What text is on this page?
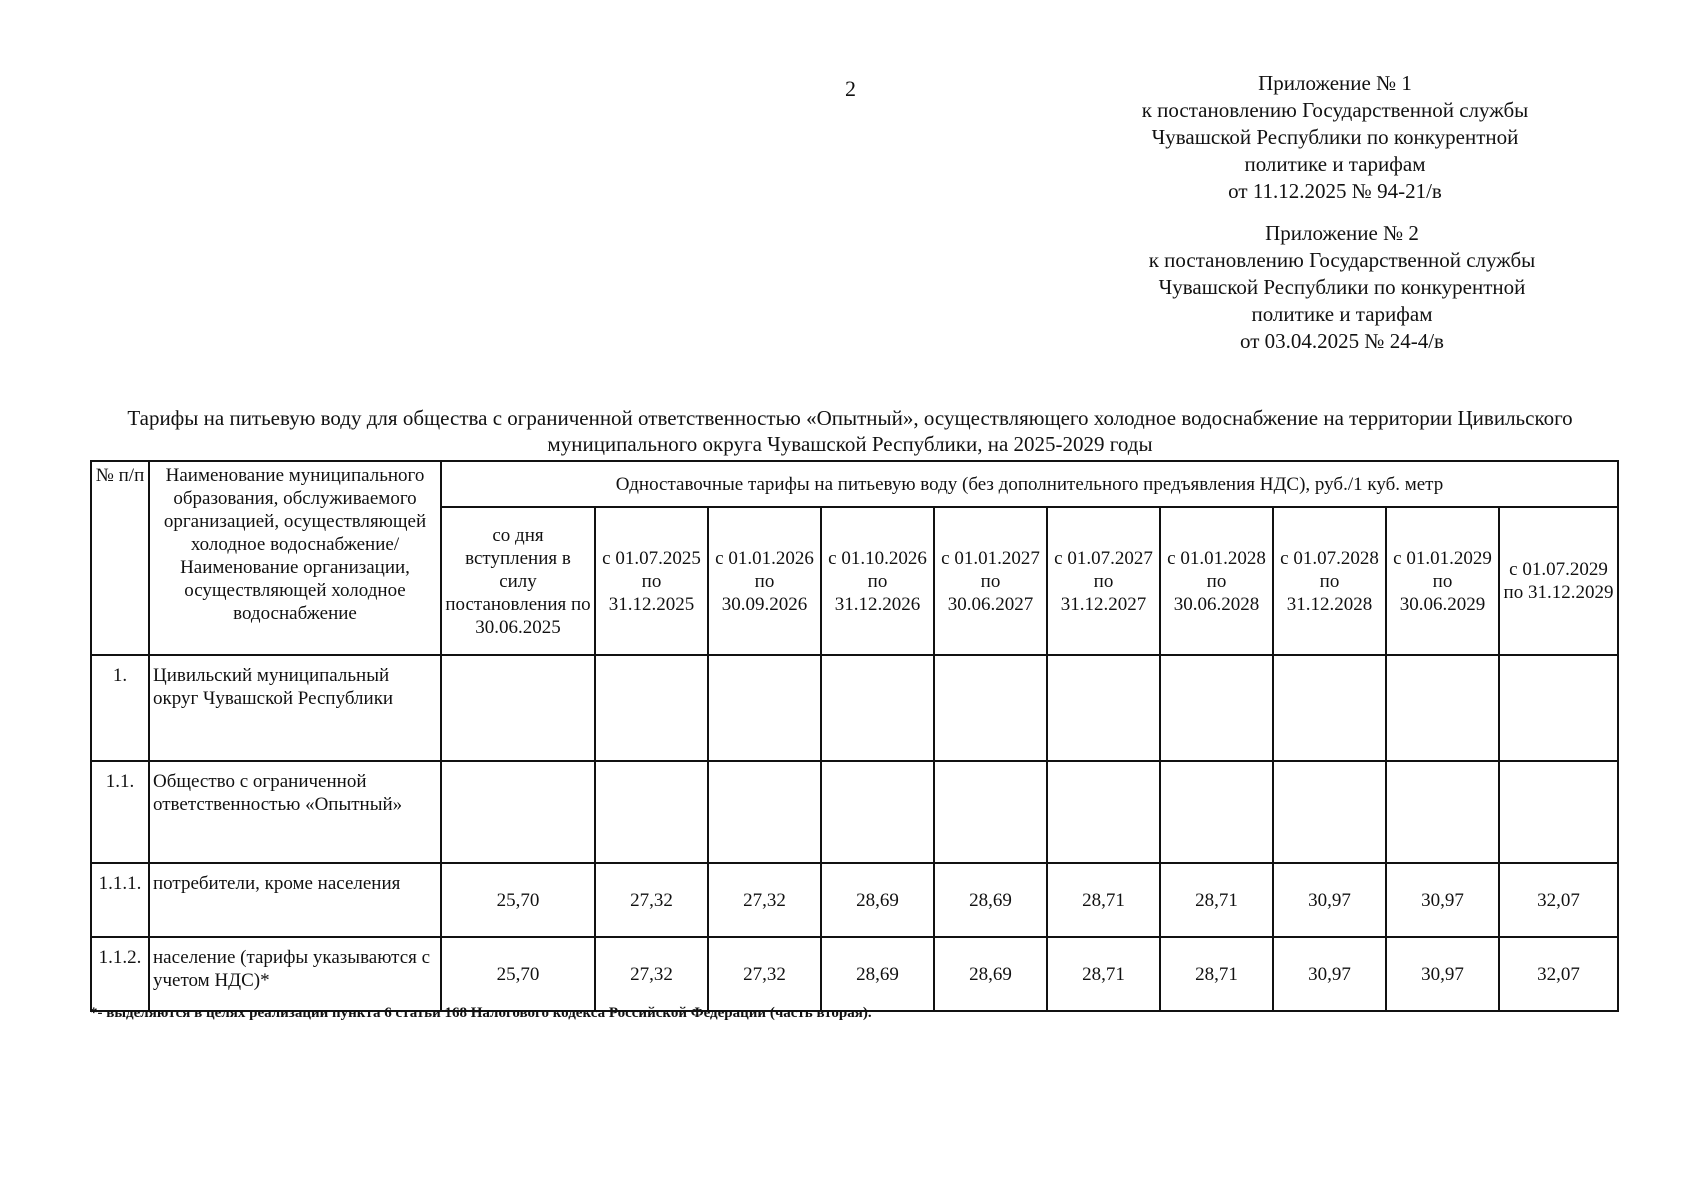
2	Приложение № 1
к постановлению Государственной службы
Чувашской Республики по конкурентной
политике и тарифам
от 11.12.2025 № 94-21/в
Приложение № 2
к постановлению Государственной службы
Чувашской Республики по конкурентной
политике и тарифам
от 03.04.2025 № 24-4/в
Тарифы на питьевую воду для общества с ограниченной ответственностью «Опытный», осуществляющего холодное водоснабжение на территории Цивильского муниципального округа Чувашской Республики, на 2025-2029 годы
№ п/п	Наименование муниципального образования, обслуживаемого организацией, осуществляющей холодное водоснабжение/Наименование организации, осуществляющей холодное водоснабжение	Одноставочные тарифы на питьевую воду (без дополнительного предъявления НДС), руб./1 куб. метр									
		со дня вступления в силу постановления по 30.06.2025	с 01.07.2025 по 31.12.2025	с 01.01.2026 по 30.09.2026	с 01.10.2026 по 31.12.2026	с 01.01.2027 по 30.06.2027	с 01.07.2027 по 31.12.2027	с 01.01.2028 по 30.06.2028	с 01.07.2028 по 31.12.2028	с 01.01.2029 по 30.06.2029	с 01.07.2029 по 31.12.2029
1.	Цивильский муниципальный округ Чувашской Республики										
1.1.	Общество с ограниченной ответственностью «Опытный»										
1.1.1.	потребители, кроме населения	25,70	27,32	27,32	28,69	28,69	28,71	28,71	30,97	30,97	32,07
1.1.2.	население (тарифы указываются с учетом НДС)*	25,70	27,32	27,32	28,69	28,69	28,71	28,71	30,97	30,97	32,07
*- выделяются в целях реализации пункта 6 статьи 168 Налогового кодекса Российской Федерации (часть вторая).
